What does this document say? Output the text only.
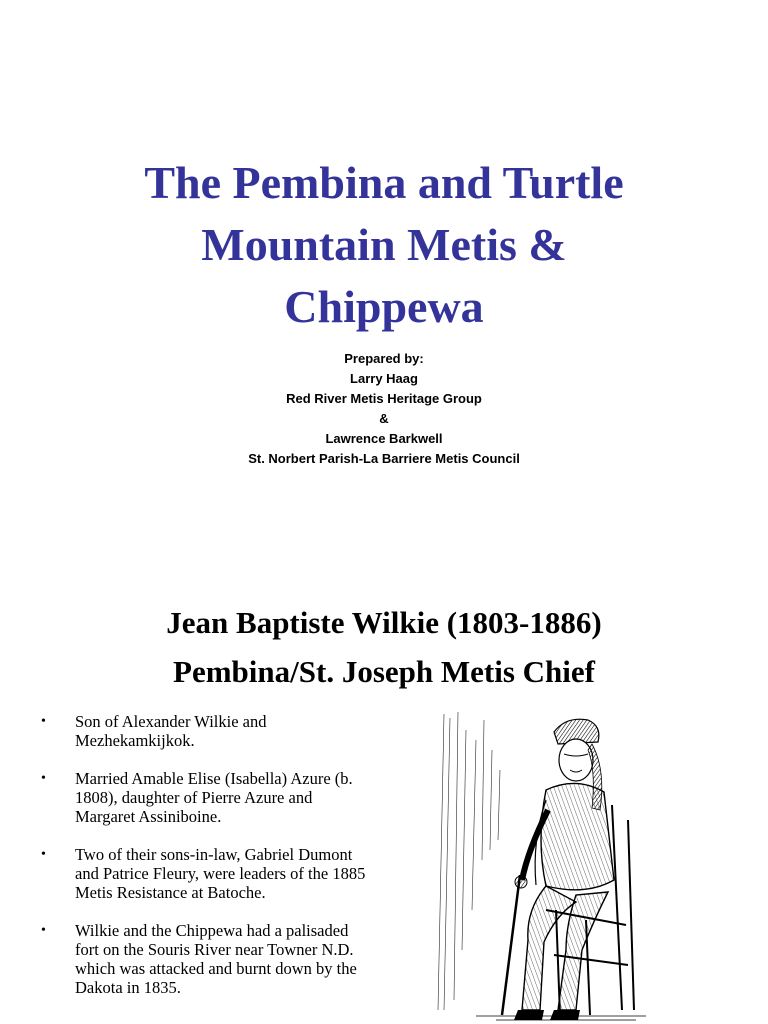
The Pembina and Turtle
Mountain Metis &
Chippewa
Prepared by:
Larry Haag
Red River Metis Heritage Group
&
Lawrence Barkwell
St. Norbert Parish-La Barriere Metis Council
Jean Baptiste Wilkie (1803-1886)
Pembina/St. Joseph Metis Chief
• Son of Alexander Wilkie and Mezhekamkijkok.
• Married Amable Elise (Isabella) Azure (b. 1808), daughter of Pierre Azure and Margaret Assiniboine.
• Two of their sons-in-law, Gabriel Dumont and Patrice Fleury, were leaders of the 1885 Metis Resistance at Batoche.
• Wilkie and the Chippewa had a palisaded fort on the Souris River near Towner N.D. which was attacked and burnt down by the Dakota in 1835.
